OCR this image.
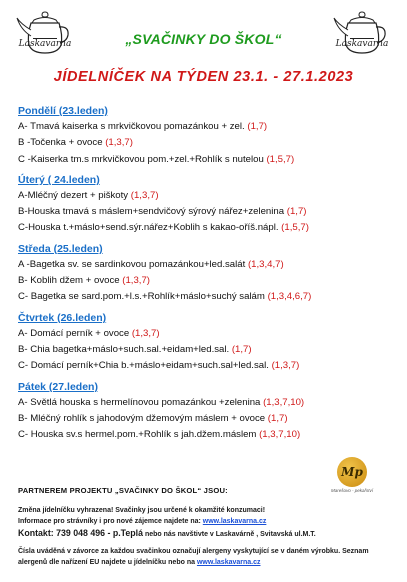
Laskavarna	Laskavarna
„SVAČINKY DO ŠKOL“
JÍDELNÍČEK NA TÝDEN 23.1. - 27.1.2023
Pondělí (23.leden)
A- Tmavá kaiserka s mrkvičkovou pomazánkou + zel. (1,7)
B -Točenka + ovoce (1,3,7)
C -Kaiserka tm.s mrkvičkovou pom.+zel.+Rohlík s nutelou (1,5,7)
Úterý ( 24.leden)
A-Mléčný dezert + piškoty (1,3,7)
B-Houska tmavá s máslem+sendvičový sýrový nářez+zelenina (1,7)
C-Houska t.+máslo+send.sýr.nářez+Koblih s kakao-oříš.nápl. (1,5,7)
Středa (25.leden)
A -Bagetka sv. se sardinkovou pomazánkou+led.salát (1,3,4,7)
B- Koblih džem + ovoce (1,3,7)
C- Bagetka se sard.pom.+l.s.+Rohlík+máslo+suchý salám (1,3,4,6,7)
Čtvrtek (26.leden)
A- Domácí perník + ovoce (1,3,7)
B- Chia bagetka+máslo+such.sal.+eidam+led.sal. (1,7)
C- Domácí perník+Chia b.+máslo+eidam+such.sal+led.sal. (1,3,7)
Pátek (27.leden)
A- Světlá houska s hermelínovou pomazánkou +zelenina (1,3,7,10)
B- Mléčný rohlík s jahodovým džemovým máslem + ovoce (1,7)
C- Houska sv.s hermel.pom.+Rohlík s jah.džem.máslem (1,3,7,10)
PARTNEREM PROJEKTU „SVAČINKY DO ŠKOL“ JSOU:
Mp
Marešovo - pekařství
Změna jídelníčku vyhrazena! Svačinky jsou určené k okamžité konzumaci!
Informace pro strávníky i pro nové zájemce najdete na: www.laskavarna.cz
Kontakt: 739 048 496 - p.Teplá nebo nás navštivte v Laskavárně , Svitavská ul.M.T.
Čísla uváděná v závorce za každou svačinkou označují alergeny vyskytující se v daném výrobku. Seznam alergenů dle nařízení EU najdete u jídelníčku nebo na www.laskavarna.cz
